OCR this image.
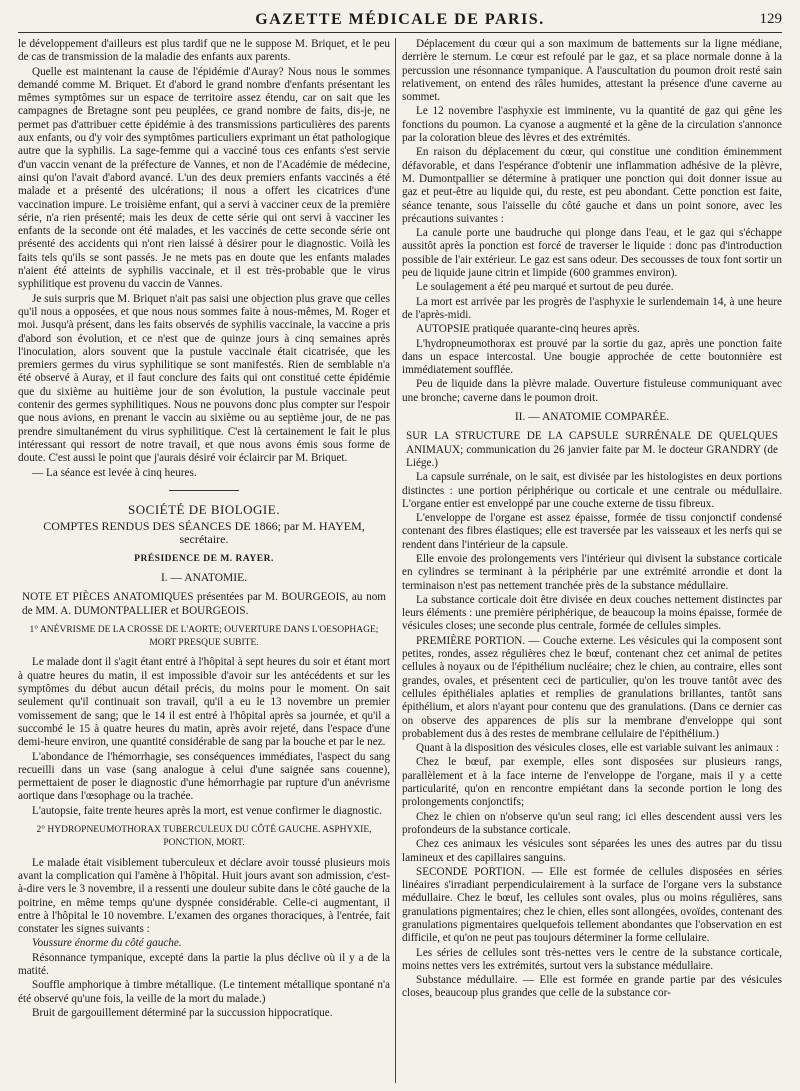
GAZETTE MÉDICALE DE PARIS.	129

le développement d'ailleurs est plus tardif que ne le suppose M. Briquet, et le peu de cas de transmission de la maladie des enfants aux parents.

Quelle est maintenant la cause de l'épidémie d'Auray? Nous nous le sommes demandé comme M. Briquet. Et d'abord le grand nombre d'enfants présentant les mêmes symptômes sur un espace de territoire assez étendu, car on sait que les campagnes de Bretagne sont peu peuplées, ce grand nombre de faits, dis-je, ne permet pas d'attribuer cette épidémie à des transmissions particulières des parents aux enfants, ou d'y voir des symptômes particuliers exprimant un état pathologique autre que la syphilis. La sage-femme qui a vacciné tous ces enfants s'est servie d'un vaccin venant de la préfecture de Vannes, et non de l'Académie de médecine, ainsi qu'on l'avait d'abord avancé. L'un des deux premiers enfants vaccinés a été malade et a présenté des ulcérations; il nous a offert les cicatrices d'une vaccination impure. Le troisième enfant, qui a servi à vacciner ceux de la première série, n'a rien présenté; mais les deux de cette série qui ont servi à vacciner les enfants de la seconde ont été malades, et les vaccinés de cette seconde série ont présenté des accidents qui n'ont rien laissé à désirer pour le diagnostic. Voilà les faits tels qu'ils se sont passés. Je ne mets pas en doute que les enfants malades n'aient été atteints de syphilis vaccinale, et il est très-probable que le virus syphilitique est provenu du vaccin de Vannes.

Je suis surpris que M. Briquet n'ait pas saisi une objection plus grave que celles qu'il nous a opposées, et que nous nous sommes faite à nous-mêmes, M. Roger et moi. Jusqu'à présent, dans les faits observés de syphilis vaccinale, la vaccine a pris d'abord son évolution, et ce n'est que de quinze jours à cinq semaines après l'inoculation, alors souvent que la pustule vaccinale était cicatrisée, que les premiers germes du virus syphilitique se sont manifestés. Rien de semblable n'a été observé à Auray, et il faut conclure des faits qui ont constitué cette épidémie que du sixième au huitième jour de son évolution, la pustule vaccinale peut contenir des germes syphilitiques. Nous ne pouvons donc plus compter sur l'espoir que nous avions, en prenant le vaccin au sixième ou au septième jour, de ne pas prendre simultanément du virus syphilitique. C'est là certainement le fait le plus intéressant qui ressort de notre travail, et que nous avons émis sous forme de doute. C'est aussi le point que j'aurais désiré voir éclaircir par M. Briquet.

— La séance est levée à cinq heures.

SOCIÉTÉ DE BIOLOGIE.
COMPTES RENDUS DES SÉANCES DE 1866; par M. HAYEM, secrétaire.
PRÉSIDENCE DE M. RAYER.
I. — ANATOMIE.

NOTE ET PIÈCES ANATOMIQUES présentées par M. BOURGEOIS, au nom de MM. A. DUMONTPALLIER et BOURGEOIS.

1° ANÉVRISME DE LA CROSSE DE L'AORTE; OUVERTURE DANS L'OESOPHAGE; MORT PRESQUE SUBITE.

Le malade dont il s'agit étant entré à l'hôpital à sept heures du soir et étant mort à quatre heures du matin, il est impossible d'avoir sur les antécédents et sur les symptômes du début aucun détail précis, du moins pour le moment. On sait seulement qu'il continuait son travail, qu'il a eu le 13 novembre un premier vomissement de sang; que le 14 il est entré à l'hôpital après sa journée, et qu'il a succombé le 15 à quatre heures du matin, après avoir rejeté, dans l'espace d'une demi-heure environ, une quantité considérable de sang par la bouche et par le nez.

L'abondance de l'hémorrhagie, ses conséquences immédiates, l'aspect du sang recueilli dans un vase (sang analogue à celui d'une saignée sans couenne), permettaient de poser le diagnostic d'une hémorrhagie par rupture d'un anévrisme aortique dans l'œsophage ou la trachée.

L'autopsie, faite trente heures après la mort, est venue confirmer le diagnostic.

2° HYDROPNEUMOTHORAX TUBERCULEUX DU CÔTÉ GAUCHE. ASPHYXIE, PONCTION, MORT.

Le malade était visiblement tuberculeux et déclare avoir toussé plusieurs mois avant la complication qui l'amène à l'hôpital. Huit jours avant son admission, c'est-à-dire vers le 3 novembre, il a ressenti une douleur subite dans le côté gauche de la poitrine, en même temps qu'une dyspnée considérable. Celle-ci augmentant, il entre à l'hôpital le 10 novembre. L'examen des organes thoraciques, à l'entrée, fait constater les signes suivants :

Voussure énorme du côté gauche.

Résonnance tympanique, excepté dans la partie la plus déclive où il y a de la matité.

Souffle amphorique à timbre métallique. (Le tintement métallique spontané n'a été observé qu'une fois, la veille de la mort du malade.)

Bruit de gargouillement déterminé par la succussion hippocratique.

Déplacement du cœur qui a son maximum de battements sur la ligne médiane, derrière le sternum. Le cœur est refoulé par le gaz, et sa place normale donne à la percussion une résonnance tympanique. A l'auscultation du poumon droit resté sain relativement, on entend des râles humides, attestant la présence d'une caverne au sommet.

Le 12 novembre l'asphyxie est imminente, vu la quantité de gaz qui gêne les fonctions du poumon. La cyanose a augmenté et la gêne de la circulation s'annonce par la coloration bleue des lèvres et des extrémités.

En raison du déplacement du cœur, qui constitue une condition éminemment défavorable, et dans l'espérance d'obtenir une inflammation adhésive de la plèvre, M. Dumontpallier se détermine à pratiquer une ponction qui doit donner issue au gaz et peut-être au liquide qui, du reste, est peu abondant. Cette ponction est faite, séance tenante, sous l'aisselle du côté gauche et dans un point sonore, avec les précautions suivantes :

La canule porte une baudruche qui plonge dans l'eau, et le gaz qui s'échappe aussitôt après la ponction est forcé de traverser le liquide : donc pas d'introduction possible de l'air extérieur. Le gaz est sans odeur. Des secousses de toux font sortir un peu de liquide jaune citrin et limpide (600 grammes environ).

Le soulagement a été peu marqué et surtout de peu durée.

La mort est arrivée par les progrès de l'asphyxie le surlendemain 14, à une heure de l'après-midi.

AUTOPSIE pratiquée quarante-cinq heures après.

L'hydropneumothorax est prouvé par la sortie du gaz, après une ponction faite dans un espace intercostal. Une bougie approchée de cette boutonnière est immédiatement soufflée.

Peu de liquide dans la plèvre malade. Ouverture fistuleuse communiquant avec une bronche; caverne dans le poumon droit.

II. — ANATOMIE COMPARÉE.

SUR LA STRUCTURE DE LA CAPSULE SURRÉNALE DE QUELQUES ANIMAUX; communication du 26 janvier faite par M. le docteur GRANDRY (de Liége.)

La capsule surrénale, on le sait, est divisée par les histologistes en deux portions distinctes : une portion périphérique ou corticale et une centrale ou médullaire. L'organe entier est enveloppé par une couche externe de tissu fibreux.

L'enveloppe de l'organe est assez épaisse, formée de tissu conjonctif condensé contenant des fibres élastiques; elle est traversée par les vaisseaux et les nerfs qui se rendent dans l'intérieur de la capsule.

Elle envoie des prolongements vers l'intérieur qui divisent la substance corticale en cylindres se terminant à la périphérie par une extrémité arrondie et dont la terminaison n'est pas nettement tranchée près de la substance médullaire.

La substance corticale doit être divisée en deux couches nettement distinctes par leurs éléments : une première périphérique, de beaucoup la moins épaisse, formée de vésicules closes; une seconde plus centrale, formée de cellules simples.

PREMIÈRE PORTION. — Couche externe. Les vésicules qui la composent sont petites, rondes, assez régulières chez le bœuf, contenant chez cet animal de petites cellules à noyaux ou de l'épithélium nucléaire; chez le chien, au contraire, elles sont grandes, ovales, et présentent ceci de particulier, qu'on les trouve tantôt avec des cellules épithéliales aplaties et remplies de granulations brillantes, tantôt sans épithélium, et alors n'ayant pour contenu que des granulations. (Dans ce dernier cas on observe des apparences de plis sur la membrane d'enveloppe qui sont probablement dus à des restes de membrane cellulaire de l'épithélium.)

Quant à la disposition des vésicules closes, elle est variable suivant les animaux :

Chez le bœuf, par exemple, elles sont disposées sur plusieurs rangs, parallèlement et à la face interne de l'enveloppe de l'organe, mais il y a cette particularité, qu'on en rencontre empiétant dans la seconde portion le long des prolongements conjonctifs;

Chez le chien on n'observe qu'un seul rang; ici elles descendent aussi vers les profondeurs de la substance corticale.

Chez ces animaux les vésicules sont séparées les unes des autres par du tissu lamineux et des capillaires sanguins.

SECONDE PORTION. — Elle est formée de cellules disposées en séries linéaires s'irradiant perpendiculairement à la surface de l'organe vers la substance médullaire. Chez le bœuf, les cellules sont ovales, plus ou moins régulières, sans granulations pigmentaires; chez le chien, elles sont allongées, ovoïdes, contenant des granulations pigmentaires quelquefois tellement abondantes que l'observation en est difficile, et qu'on ne peut pas toujours déterminer la forme cellulaire.

Les séries de cellules sont très-nettes vers le centre de la substance corticale, moins nettes vers les extrémités, surtout vers la substance médullaire.

Substance médullaire. — Elle est formée en grande partie par des vésicules closes, beaucoup plus grandes que celle de la substance cor-
